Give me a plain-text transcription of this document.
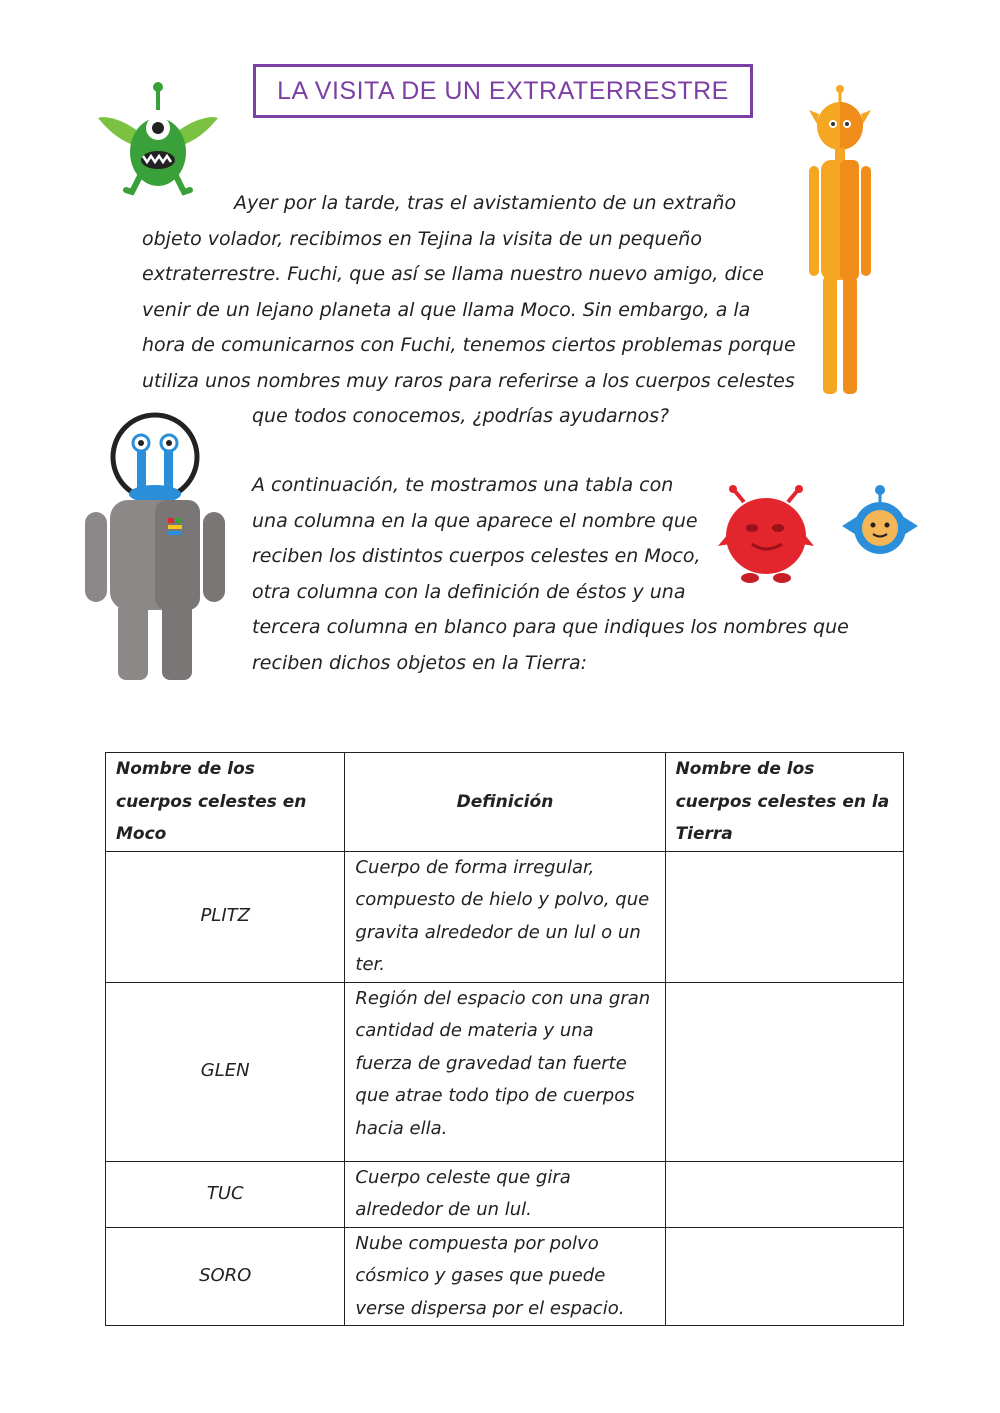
LA VISITA DE UN EXTRATERRESTRE
Ayer por la tarde, tras el avistamiento de un extraño
objeto volador, recibimos en Tejina la visita de un pequeño
extraterrestre. Fuchi, que así se llama nuestro nuevo amigo, dice
venir de un lejano planeta al que llama Moco. Sin embargo, a la
hora de comunicarnos con Fuchi, tenemos ciertos problemas porque
utiliza unos nombres muy raros para referirse a los cuerpos celestes
que todos conocemos, ¿podrías ayudarnos?
A continuación, te mostramos una tabla con
una columna en la que aparece el nombre que
reciben los distintos cuerpos celestes en Moco,
otra columna con la definición de éstos y una
tercera columna en blanco para que indiques los nombres que
reciben dichos objetos en la Tierra:
Nombre de los cuerpos celestes en Moco	Definición	Nombre de los cuerpos celestes en la Tierra
PLITZ	Cuerpo de forma irregular, compuesto de hielo y polvo, que gravita alrededor de un lul o un ter.	
GLEN	Región del espacio con una gran cantidad de materia y una fuerza de gravedad tan fuerte que atrae todo tipo de cuerpos hacia ella.	
TUC	Cuerpo celeste que gira alrededor de un lul.	
SORO	Nube compuesta por polvo cósmico y gases que puede verse dispersa por el espacio.	
